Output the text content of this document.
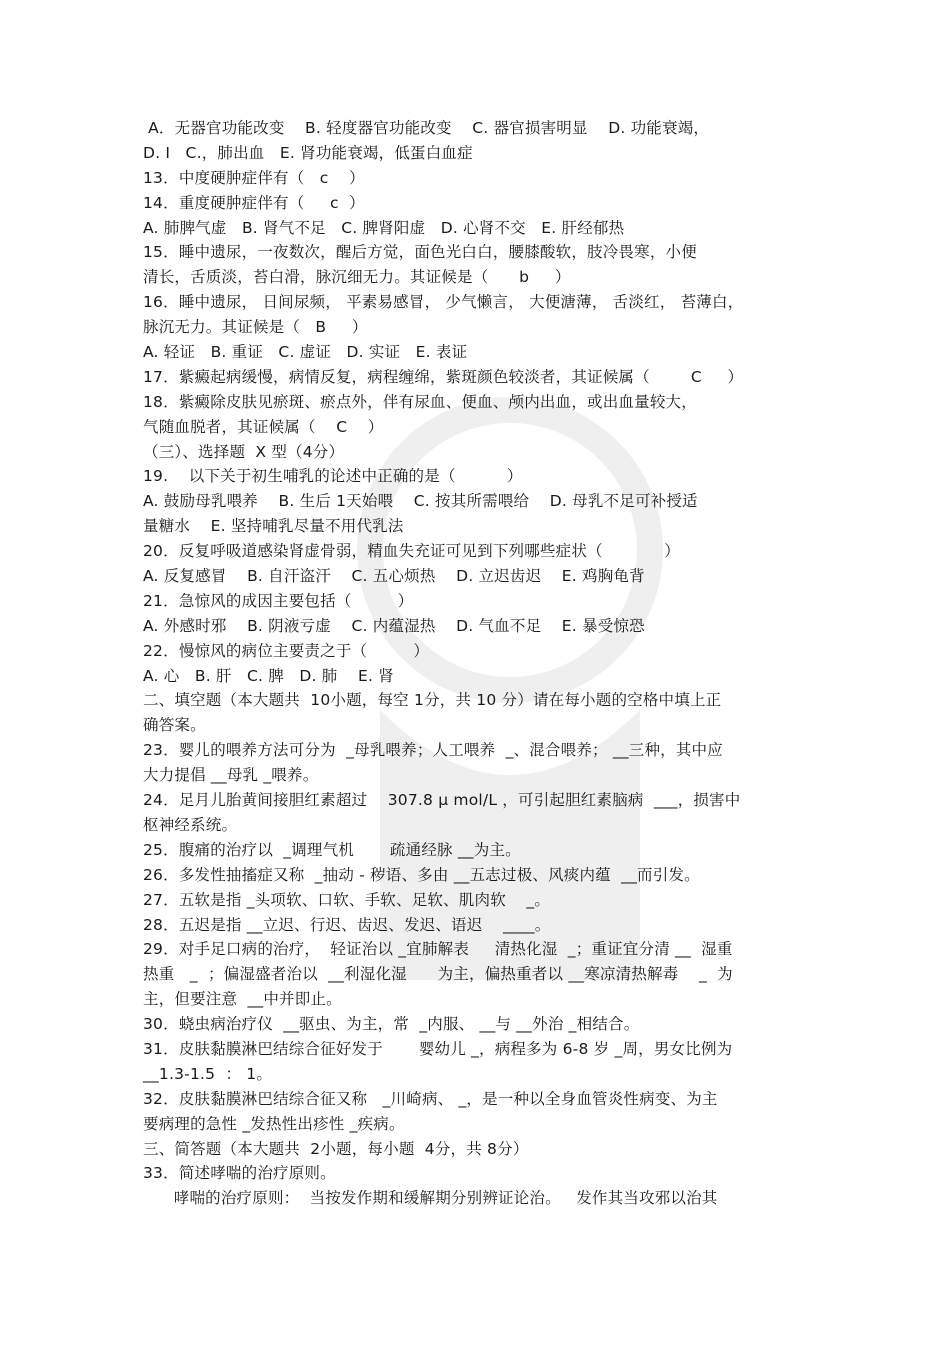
A．无器官功能改变    B. 轻度器官功能改变    C. 器官损害明显    D. 功能衰竭，
D. Ⅰ   C.，肺出血   E. 肾功能衰竭，低蛋白血症
13．中度硬肿症伴有（   c    ）
14．重度硬肿症伴有（     c  ）
A. 肺脾气虚   B. 肾气不足   C. 脾肾阳虚   D. 心肾不交   E. 肝经郁热
15．睡中遗尿，一夜数次，醒后方觉，面色光白白，腰膝酸软，肢冷畏寒，小便
清长，舌质淡，苔白滑，脉沉细无力。其证候是（      b     ）
16．睡中遗尿， 日间尿频， 平素易感冒， 少气懒言， 大便溏薄， 舌淡红， 苔薄白，
脉沉无力。其证候是（   B     ）
A. 轻证   B. 重证   C. 虚证   D. 实证   E. 表证
17．紫癜起病缓慢，病情反复，病程缠绵，紫斑颜色较淡者，其证候属（        C     ）
18．紫癜除皮肤见瘀斑、瘀点外，伴有尿血、便血、颅内出血，或出血量较大，
气随血脱者，其证候属（    C    ）
（三）、选择题  X 型（4分）
19.    以下关于初生哺乳的论述中正确的是（          ）
A. 鼓励母乳喂养    B. 生后 1天始喂    C. 按其所需喂给    D. 母乳不足可补授适
量糖水    E. 坚持哺乳尽量不用代乳法
20．反复呼吸道感染肾虚骨弱，精血失充证可见到下列哪些症状（            ）
A. 反复感冒    B. 自汗盗汗    C. 五心烦热    D. 立迟齿迟    E. 鸡胸龟背
21．急惊风的成因主要包括（         ）
A. 外感时邪    B. 阴液亏虚    C. 内蕴湿热    D. 气血不足    E. 暴受惊恐
22．慢惊风的病位主要责之于（         ）
A. 心   B. 肝   C. 脾   D. 肺    E. 肾
二、填空题（本大题共  10小题，每空 1分，共 10 分）请在每小题的空格中填上正
确答案。
23．婴儿的喂养方法可分为  _母乳喂养；人工喂养  _、混合喂养； __三种，其中应
大力提倡 __母乳 _喂养。
24．足月儿胎黄间接胆红素超过    307.8 μ mol/L ，可引起胆红素脑病  ___，损害中
枢神经系统。
25．腹痛的治疗以  _调理气机       疏通经脉 __为主。
26．多发性抽搐症又称  _抽动 - 秽语、多由 __五志过极、风痰内蕴  __而引发。
27．五软是指 _头项软、口软、手软、足软、肌肉软    _。
28．五迟是指 __立迟、行迟、齿迟、发迟、语迟    ____。
29．对手足口病的治疗，  轻证治以 _宜肺解表     清热化湿  _；重证宜分清 __  湿重
热重   _  ；偏湿盛者治以  __利湿化湿      为主，偏热重者以 __寒凉清热解毒    _  为
主，但要注意  __中并即止。
30．蛲虫病治疗仪  __驱虫、为主，常  _内服、 __与 __外治 _相结合。
31．皮肤黏膜淋巴结综合征好发于       婴幼儿 _，病程多为 6-8 岁 _周，男女比例为
__1.3-1.5  ： 1。
32．皮肤黏膜淋巴结综合征又称   _川崎病、 _，是一种以全身血管炎性病变、为主
要病理的急性 _发热性出疹性 _疾病。
三、简答题（本大题共  2小题，每小题  4分，共 8分）
33．简述哮喘的治疗原则。
哮喘的治疗原则：  当按发作期和缓解期分别辨证论治。   发作其当攻邪以治其
